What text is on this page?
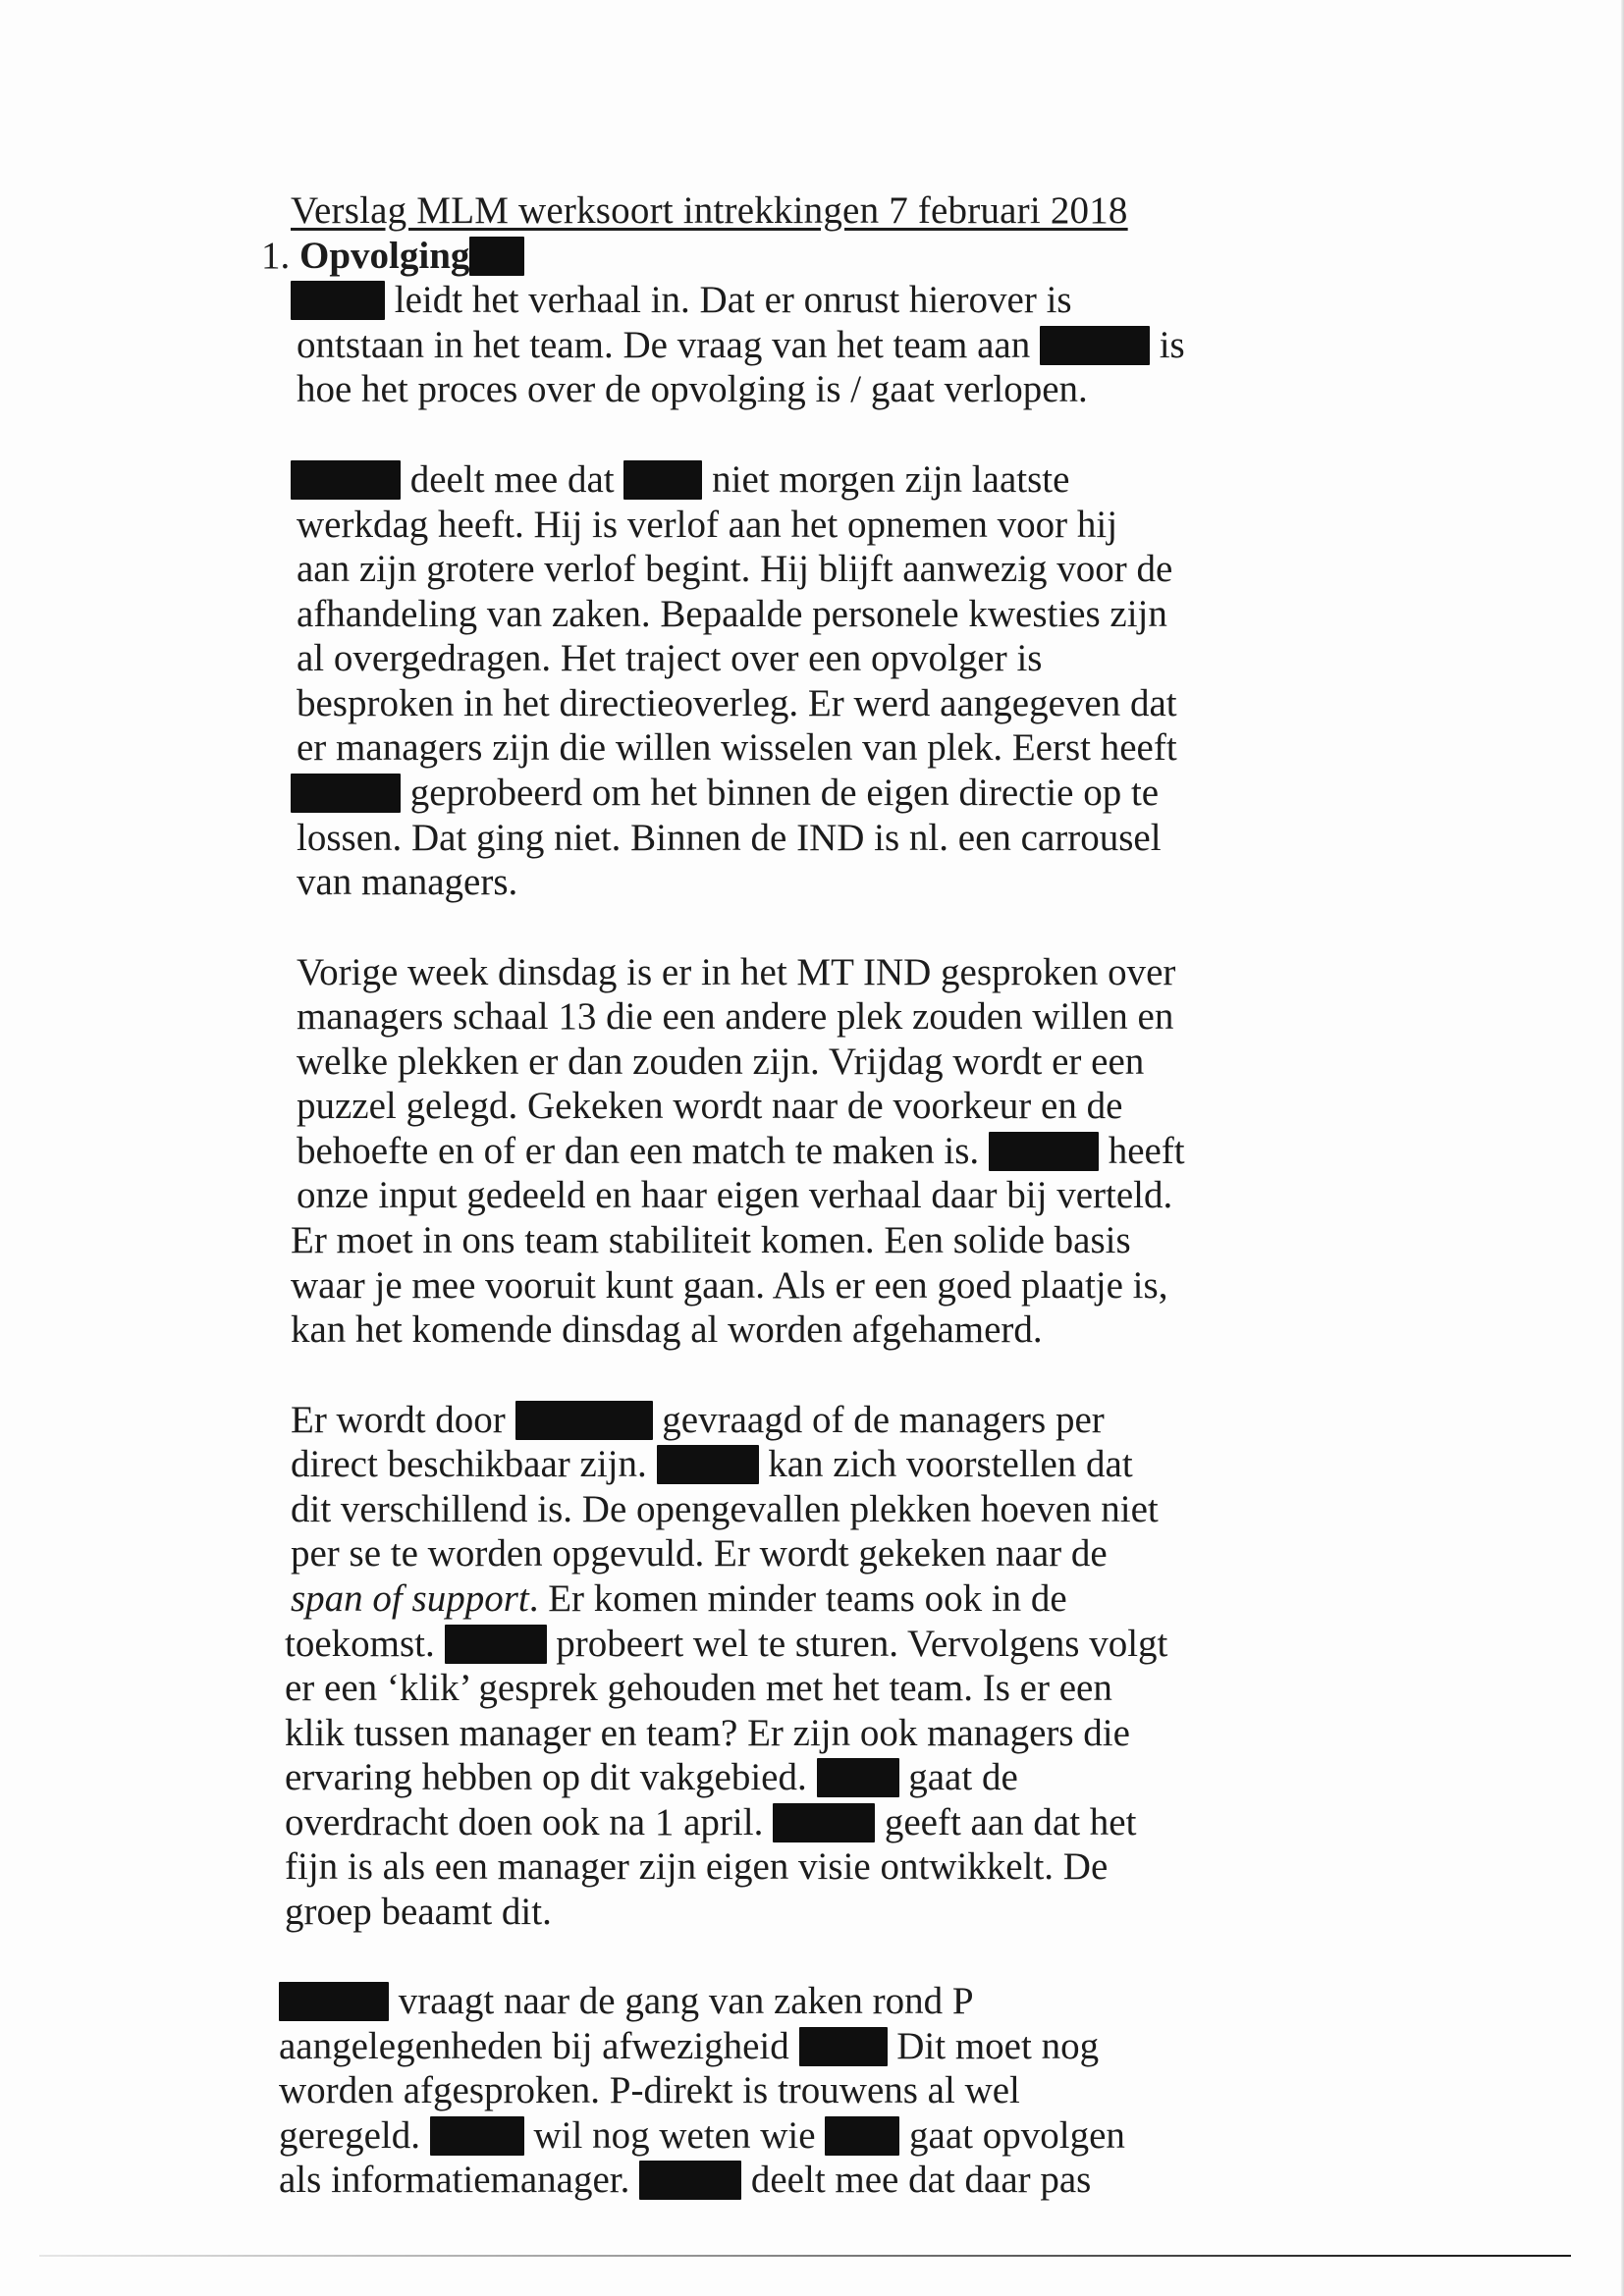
Verslag MLM werksoort intrekkingen 7 februari 2018
1. Opvolging
leidt het verhaal in. Dat er onrust hierover is
ontstaan in het team. De vraag van het team aan	is
hoe het proces over de opvolging is / gaat verlopen.
deelt mee dat  niet morgen zijn laatste
werkdag heeft. Hij is verlof aan het opnemen voor hij
aan zijn grotere verlof begint. Hij blijft aanwezig voor de
afhandeling van zaken. Bepaalde personele kwesties zijn
al overgedragen. Het traject over een opvolger is
besproken in het directieoverleg. Er werd aangegeven dat
er managers zijn die willen wisselen van plek. Eerst heeft
geprobeerd om het binnen de eigen directie op te
lossen. Dat ging niet. Binnen de IND is nl. een carrousel
van managers.
Vorige week dinsdag is er in het MT IND gesproken over
managers schaal 13 die een andere plek zouden willen en
welke plekken er dan zouden zijn. Vrijdag wordt er een
puzzel gelegd. Gekeken wordt naar de voorkeur en de
behoefte en of er dan een match te maken is.	heeft
onze input gedeeld en haar eigen verhaal daar bij verteld.
Er moet in ons team stabiliteit komen. Een solide basis
waar je mee vooruit kunt gaan. Als er een goed plaatje is,
kan het komende dinsdag al worden afgehamerd.
Er wordt door	gevraagd of de managers per
direct beschikbaar zijn.	kan zich voorstellen dat
dit verschillend is. De opengevallen plekken hoeven niet
per se te worden opgevuld. Er wordt gekeken naar de
span of support. Er komen minder teams ook in de
toekomst.	probeert wel te sturen. Vervolgens volgt
er een ‘klik’ gesprek gehouden met het team. Is er een
klik tussen manager en team? Er zijn ook managers die
ervaring hebben op dit vakgebied.  gaat de
overdracht doen ook na 1 april.	geeft aan dat het
fijn is als een manager zijn eigen visie ontwikkelt. De
groep beaamt dit.
vraagt naar de gang van zaken rond P
aangelegenheden bij afwezigheid  Dit moet nog
worden afgesproken. P-direkt is trouwens al wel
geregeld.  wil nog weten wie  gaat opvolgen
als informatiemanager.	deelt mee dat daar pas
